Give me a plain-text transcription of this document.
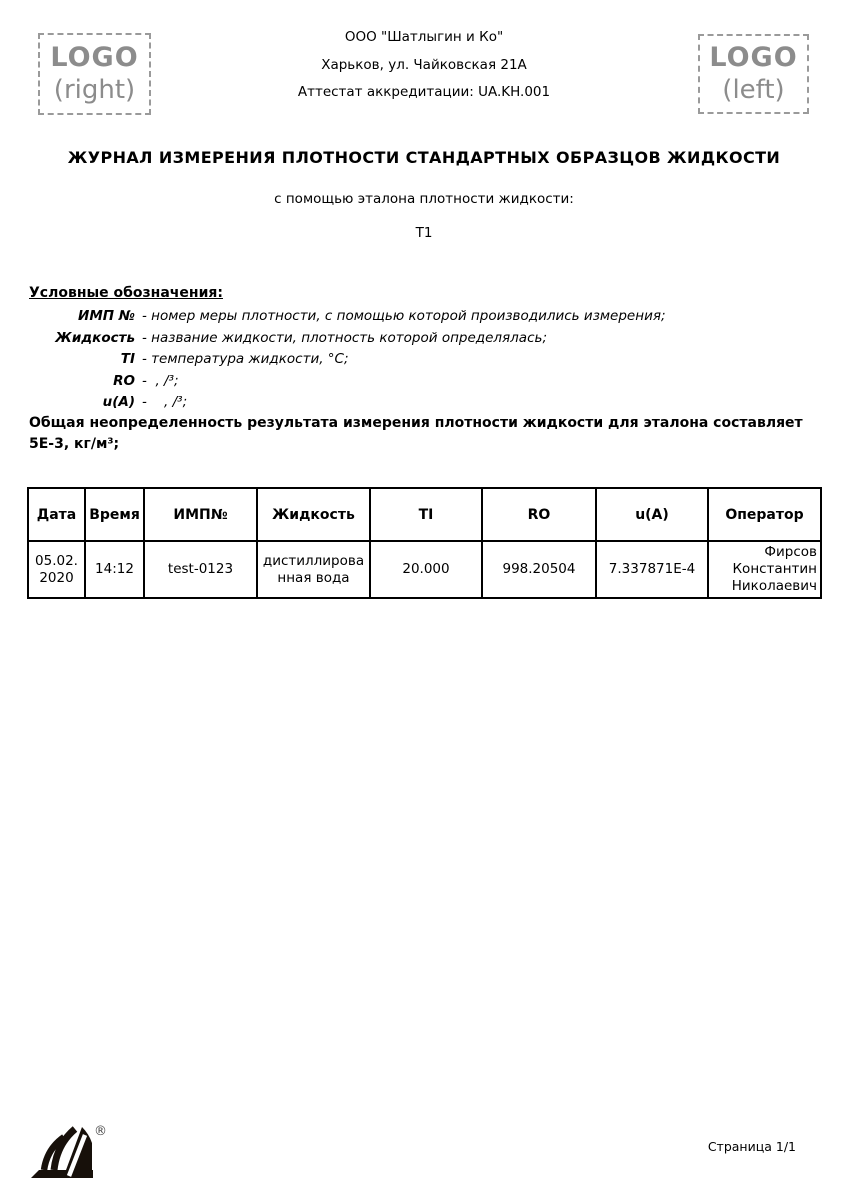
LOGO
(right)
LOGO
(left)
ООО "Шатлыгин и Ко"
Харьков, ул. Чайковская 21А
Аттестат аккредитации: UA.KH.001
ЖУРНАЛ ИЗМЕРЕНИЯ ПЛОТНОСТИ СТАНДАРТНЫХ ОБРАЗЦОВ ЖИДКОСТИ
с помощью эталона плотности жидкости:
Т1
Условные обозначения:
ИМП № - номер меры плотности, с помощью которой производились измерения;
Жидкость - название жидкости, плотность которой определялась;
TI - температура жидкости, °С;
RO -  , /³;
u(A) -    , /³;
Общая неопределенность результата измерения плотности жидкости для эталона составляет 5Е-3, кг/м³;
Дата	Время	ИМП№	Жидкость	TI	RO	u(A)	Оператор
05.02.2020	14:12	test-0123	дистиллированная вода	20.000	998.20504	7.337871E-4	Фирсов Константин Николаевич
®
Страница 1/1
